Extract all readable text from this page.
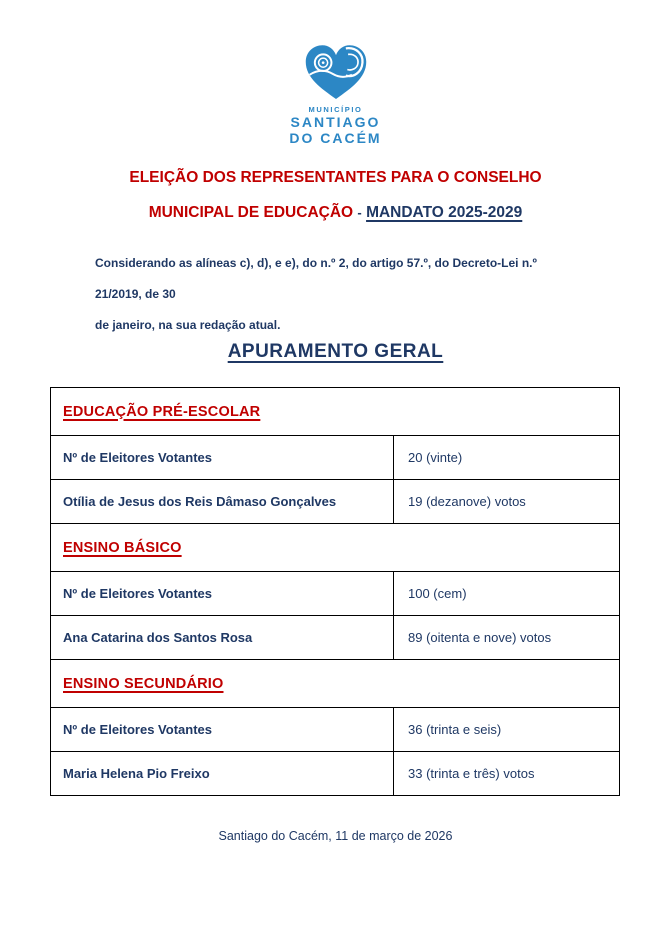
MUNICÍPIO
SANTIAGO
DO CACÉM
ELEIÇÃO DOS REPRESENTANTES PARA O CONSELHO
MUNICIPAL DE EDUCAÇÃO - MANDATO 2025-2029
Considerando as alíneas c), d), e e), do n.º 2, do artigo 57.º, do Decreto-Lei n.º 21/2019, de 30
de janeiro, na sua redação atual.
APURAMENTO GERAL
EDUCAÇÃO PRÉ-ESCOLAR	
Nº de Eleitores Votantes	20 (vinte)
Otília de Jesus dos Reis Dâmaso Gonçalves	19 (dezanove) votos
ENSINO BÁSICO	
Nº de Eleitores Votantes	100 (cem)
Ana Catarina dos Santos Rosa	89 (oitenta e nove) votos
ENSINO SECUNDÁRIO	
Nº de Eleitores Votantes	36 (trinta e seis)
Maria Helena Pio Freixo	33 (trinta e três) votos
Santiago do Cacém, 11 de março de 2026
